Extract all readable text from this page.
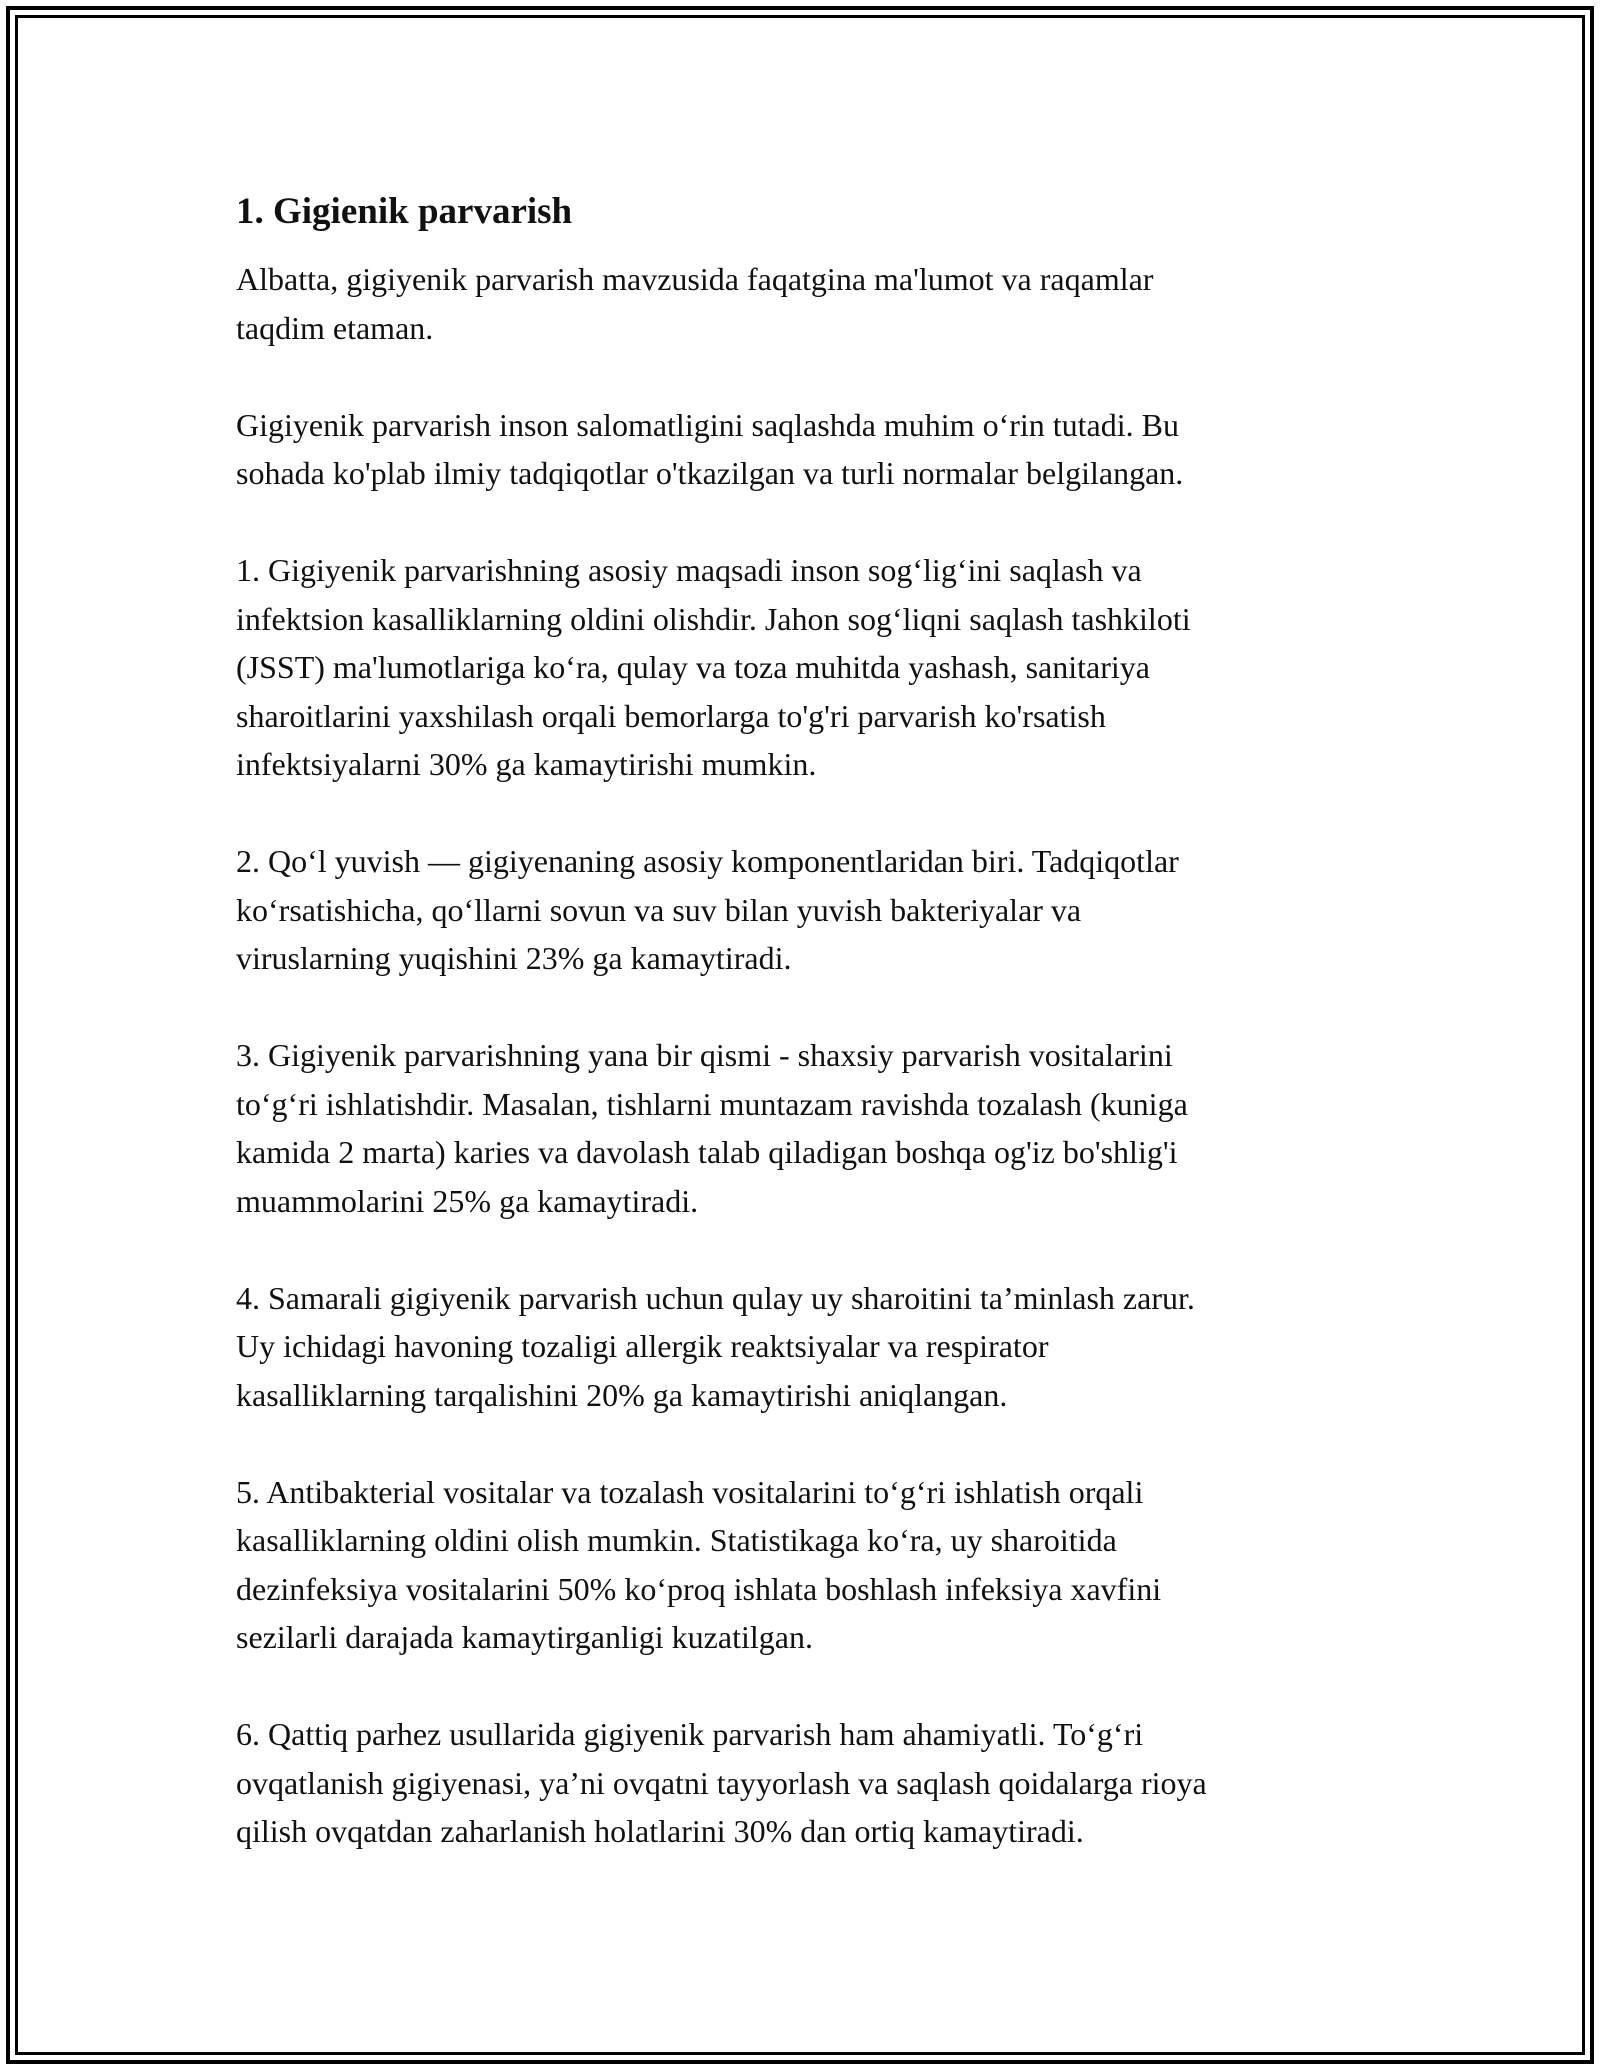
1. Gigienik parvarish

Albatta, gigiyenik parvarish mavzusida faqatgina ma'lumot va raqamlar
taqdim etaman.

Gigiyenik parvarish inson salomatligini saqlashda muhim o‘rin tutadi. Bu
sohada ko'plab ilmiy tadqiqotlar o'tkazilgan va turli normalar belgilangan.

1. Gigiyenik parvarishning asosiy maqsadi inson sog‘lig‘ini saqlash va
infektsion kasalliklarning oldini olishdir. Jahon sog‘liqni saqlash tashkiloti
(JSST) ma'lumotlariga ko‘ra, qulay va toza muhitda yashash, sanitariya
sharoitlarini yaxshilash orqali bemorlarga to'g'ri parvarish ko'rsatish
infektsiyalarni 30% ga kamaytirishi mumkin.

2. Qo‘l yuvish — gigiyenaning asosiy komponentlaridan biri. Tadqiqotlar
ko‘rsatishicha, qo‘llarni sovun va suv bilan yuvish bakteriyalar va
viruslarning yuqishini 23% ga kamaytiradi.

3. Gigiyenik parvarishning yana bir qismi - shaxsiy parvarish vositalarini
to‘g‘ri ishlatishdir. Masalan, tishlarni muntazam ravishda tozalash (kuniga
kamida 2 marta) karies va davolash talab qiladigan boshqa og'iz bo'shlig'i
muammolarini 25% ga kamaytiradi.

4. Samarali gigiyenik parvarish uchun qulay uy sharoitini ta’minlash zarur.
Uy ichidagi havoning tozaligi allergik reaktsiyalar va respirator
kasalliklarning tarqalishini 20% ga kamaytirishi aniqlangan.

5. Antibakterial vositalar va tozalash vositalarini to‘g‘ri ishlatish orqali
kasalliklarning oldini olish mumkin. Statistikaga ko‘ra, uy sharoitida
dezinfeksiya vositalarini 50% ko‘proq ishlata boshlash infeksiya xavfini
sezilarli darajada kamaytirganligi kuzatilgan.

6. Qattiq parhez usullarida gigiyenik parvarish ham ahamiyatli. To‘g‘ri
ovqatlanish gigiyenasi, ya’ni ovqatni tayyorlash va saqlash qoidalarga rioya
qilish ovqatdan zaharlanish holatlarini 30% dan ortiq kamaytiradi.
